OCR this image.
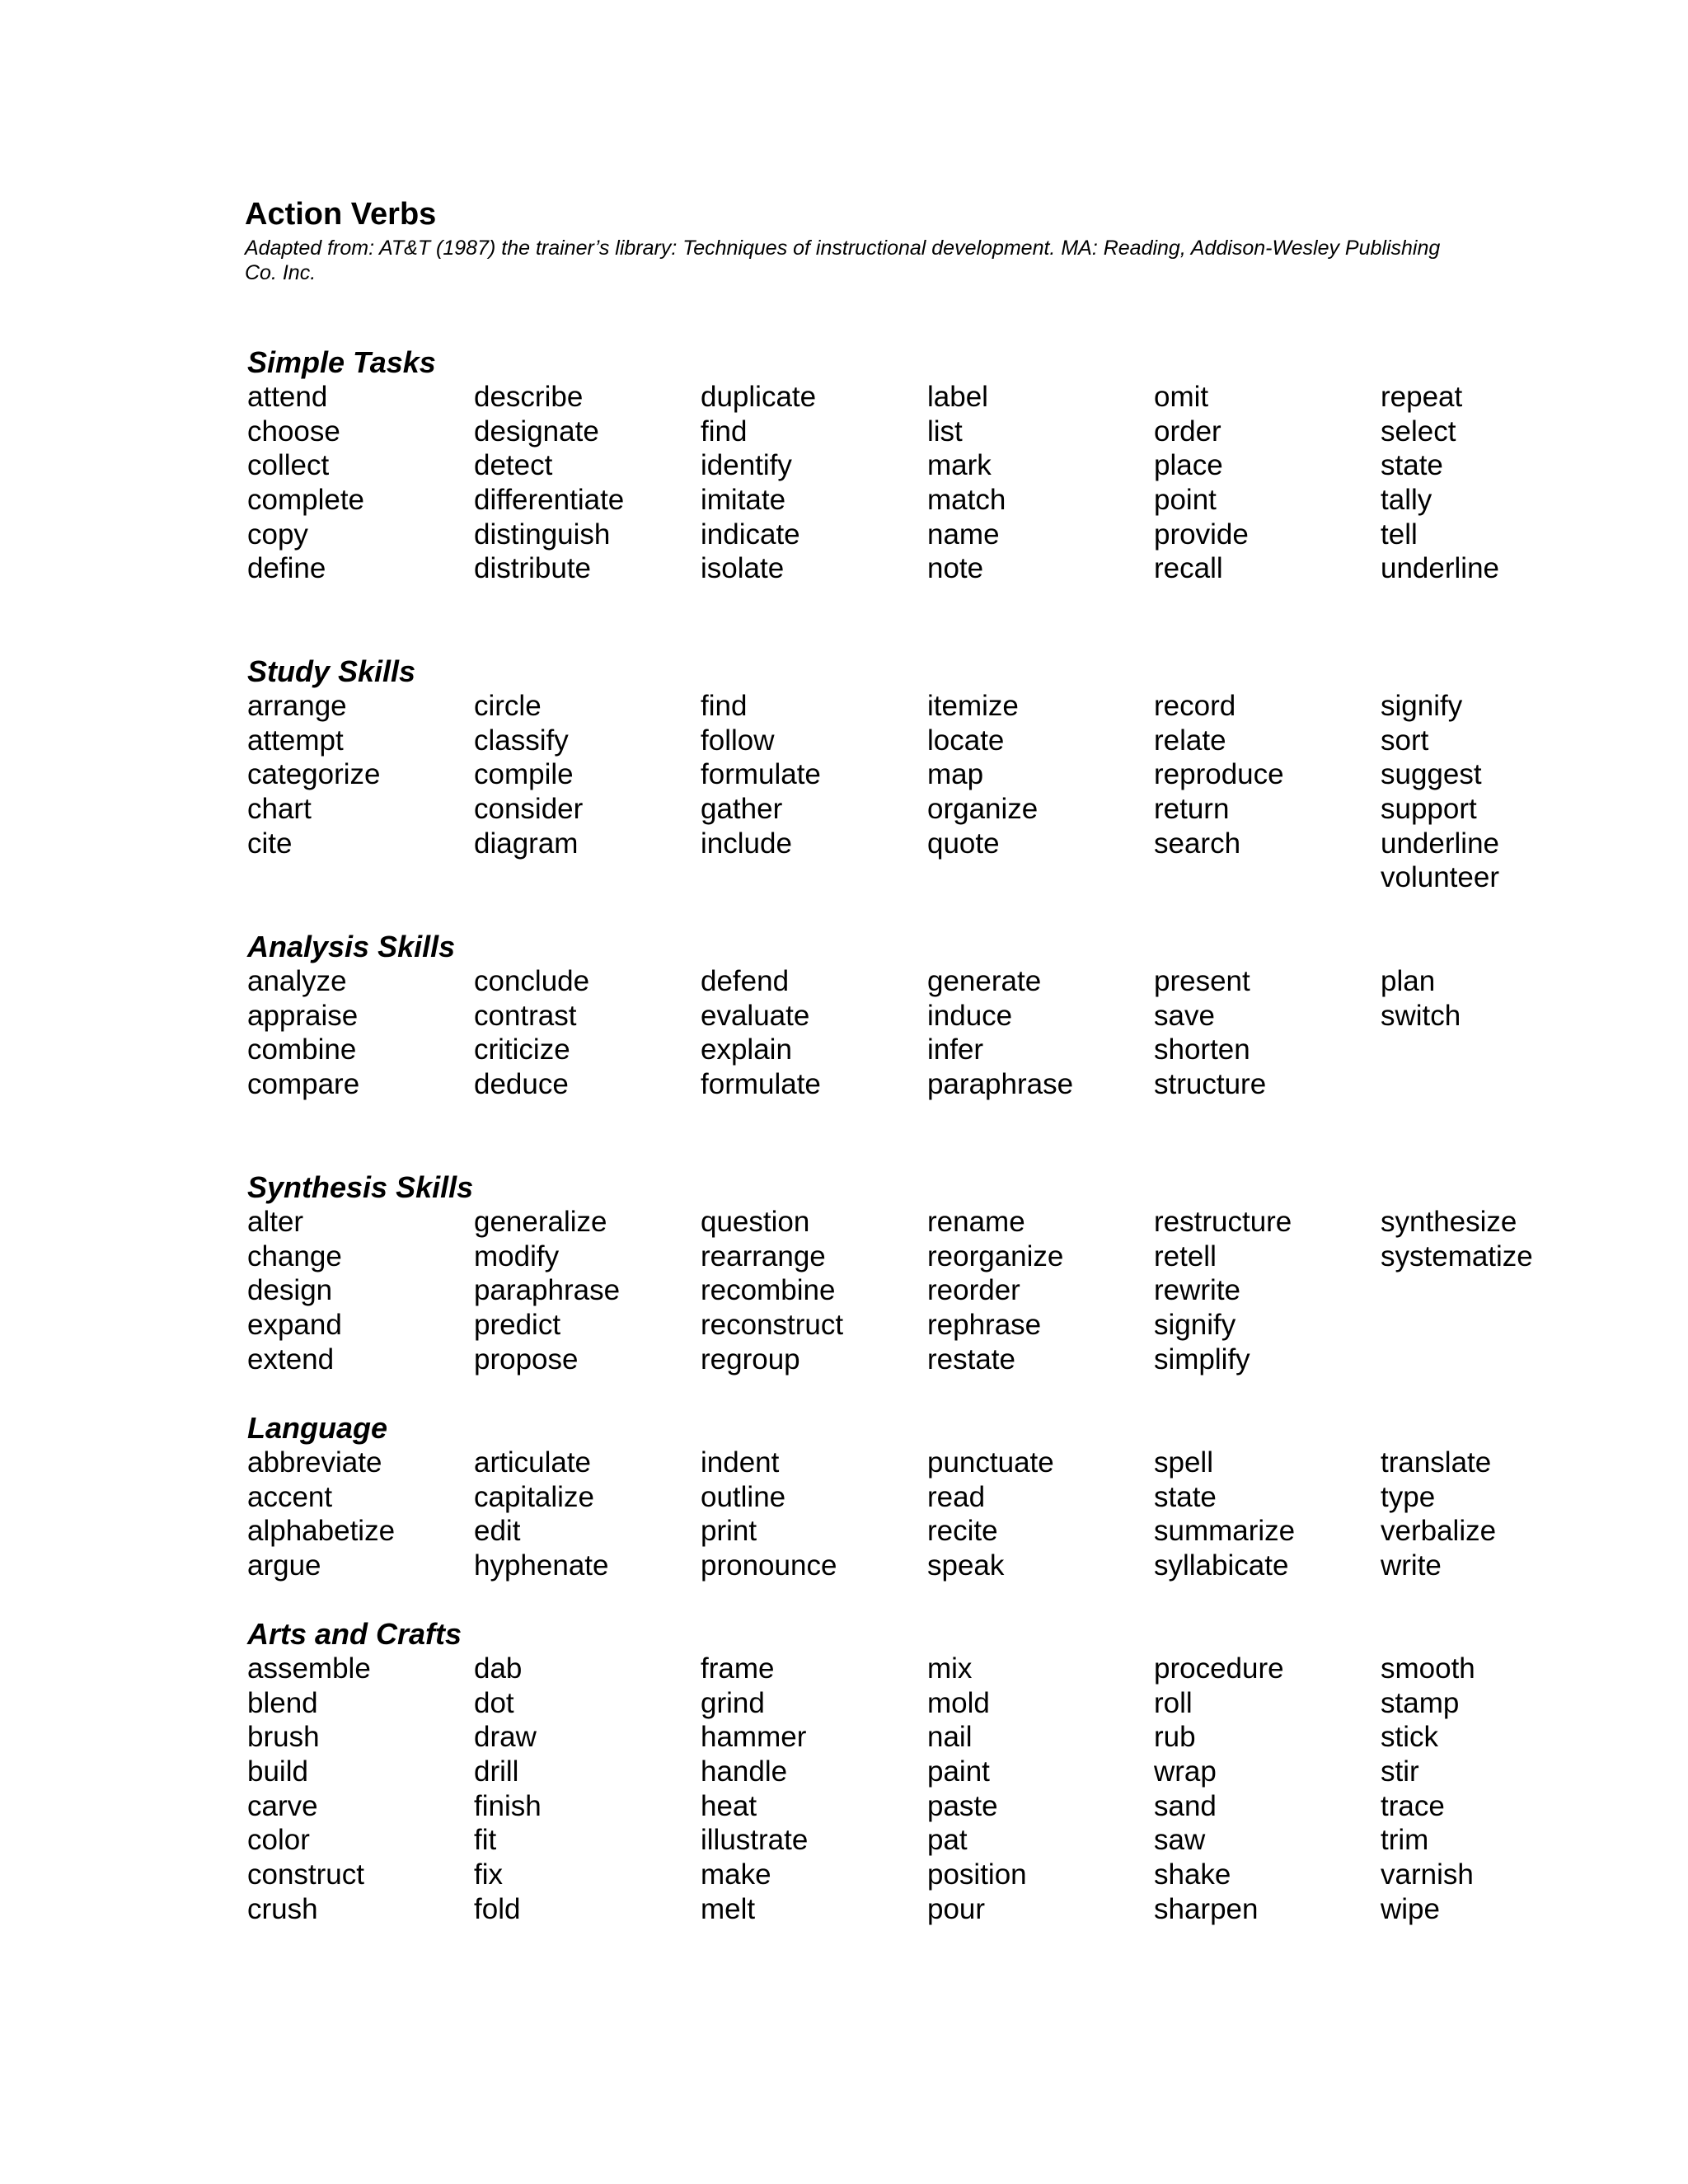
Action Verbs

Adapted from: AT&T (1987) the trainer’s library: Techniques of instructional development. MA: Reading, Addison-Wesley Publishing Co. Inc.

Simple Tasks
attend
choose
collect
complete
copy
define
describe
designate
detect
differentiate
distinguish
distribute
duplicate
find
identify
imitate
indicate
isolate
label
list
mark
match
name
note
omit
order
place
point
provide
recall
repeat
select
state
tally
tell
underline
Study Skills
arrange
attempt
categorize
chart
cite
circle
classify
compile
consider
diagram
find
follow
formulate
gather
include
itemize
locate
map
organize
quote
record
relate
reproduce
return
search
signify
sort
suggest
support
underline
volunteer
Analysis Skills
analyze
appraise
combine
compare
conclude
contrast
criticize
deduce
defend
evaluate
explain
formulate
generate
induce
infer
paraphrase
present
save
shorten
structure
plan
switch
Synthesis Skills
alter
change
design
expand
extend
generalize
modify
paraphrase
predict
propose
question
rearrange
recombine
reconstruct
regroup
rename
reorganize
reorder
rephrase
restate
restructure
retell
rewrite
signify
simplify
synthesize
systematize
Language
abbreviate
accent
alphabetize
argue
articulate
capitalize
edit
hyphenate
indent
outline
print
pronounce
punctuate
read
recite
speak
spell
state
summarize
syllabicate
translate
type
verbalize
write
Arts and Crafts
assemble
blend
brush
build
carve
color
construct
crush
dab
dot
draw
drill
finish
fit
fix
fold
frame
grind
hammer
handle
heat
illustrate
make
melt
mix
mold
nail
paint
paste
pat
position
pour
procedure
roll
rub
wrap
sand
saw
shake
sharpen
smooth
stamp
stick
stir
trace
trim
varnish
wipe
